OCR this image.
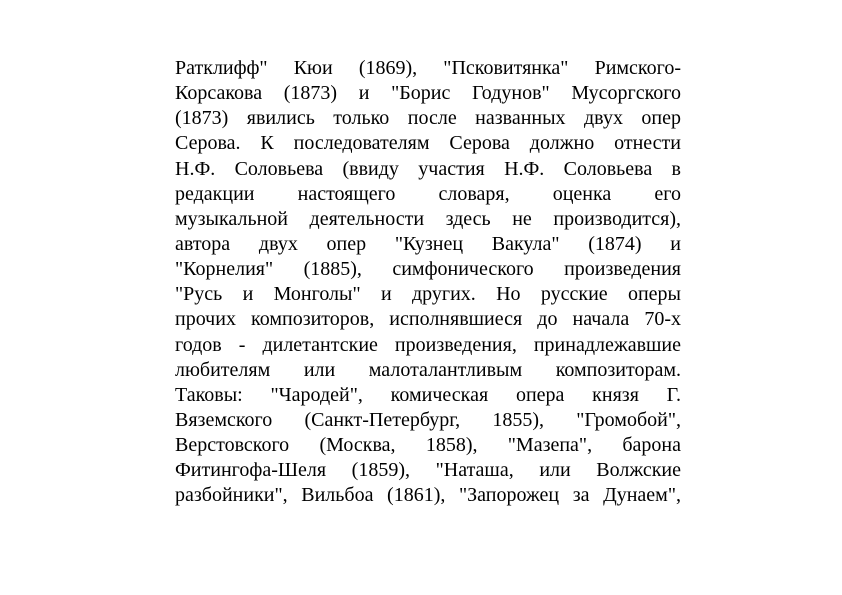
Ратклифф" Кюи (1869), "Псковитянка" Римского-
Корсакова (1873) и "Борис Годунов" Мусоргского
(1873) явились только после названных двух опер
Серова. К последователям Серова должно отнести
Н.Ф. Соловьева (ввиду участия Н.Ф. Соловьева в
редакции настоящего словаря, оценка его
музыкальной деятельности здесь не производится),
автора двух опер "Кузнец Вакула" (1874) и
"Корнелия" (1885), симфонического произведения
"Русь и Монголы" и других. Но русские оперы
прочих композиторов, исполнявшиеся до начала 70-х
годов - дилетантские произведения, принадлежавшие
любителям или малоталантливым композиторам.
Таковы: "Чародей", комическая опера князя Г.
Вяземского (Санкт-Петербург, 1855), "Громобой",
Верстовского (Москва, 1858), "Мазепа", барона
Фитингофа-Шеля (1859), "Наташа, или Волжские
разбойники", Вильбоа (1861), "Запорожец за Дунаем",
